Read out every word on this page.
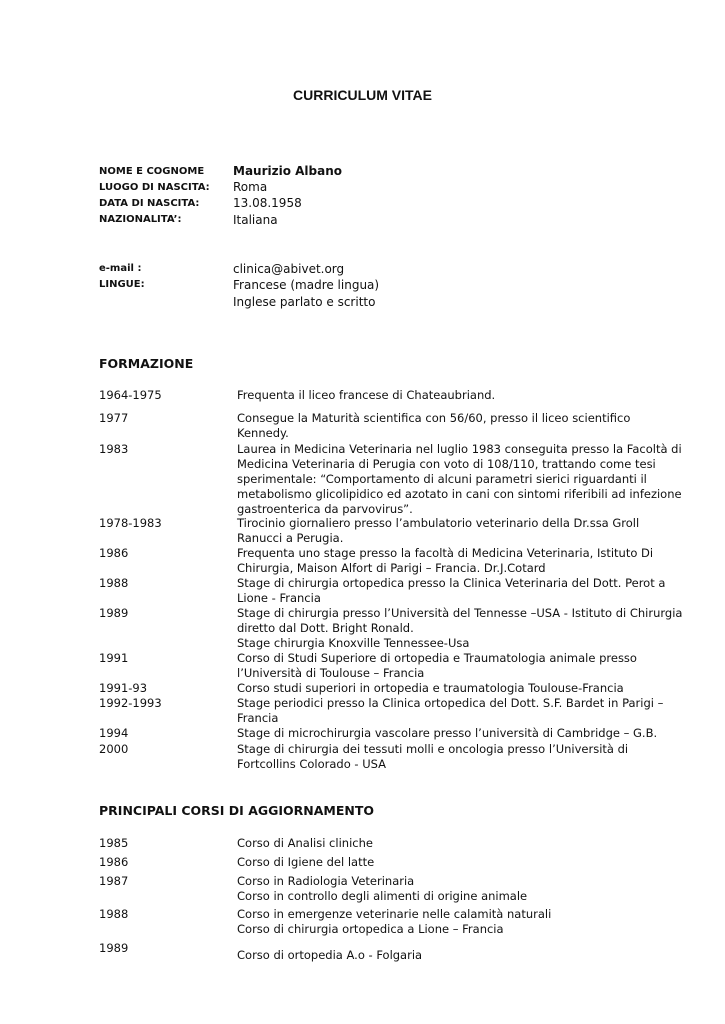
CURRICULUM VITAE
NOME E COGNOME Maurizio Albano
LUOGO DI NASCITA: Roma
DATA DI NASCITA:	13.08.1958
NAZIONALITA’:	Italiana
e-mail :	clinica@abivet.org
LINGUE:	Francese (madre lingua)
Inglese parlato e scritto
FORMAZIONE
1964-1975	Frequenta il liceo francese di Chateaubriand.
1977	Consegue la Maturità scientifica con 56/60, presso il liceo scientifico Kennedy.
1983	Laurea in Medicina Veterinaria nel luglio 1983 conseguita presso la Facoltà di Medicina Veterinaria di Perugia con voto di 108/110, trattando come tesi sperimentale: “Comportamento di alcuni parametri sierici riguardanti il metabolismo glicolipidico ed azotato in cani con sintomi riferibili ad infezione gastroenterica da parvovirus”.
1978-1983	Tirocinio giornaliero presso l’ambulatorio veterinario della Dr.ssa Groll Ranucci a Perugia.
1986	Frequenta uno stage presso la facoltà di Medicina Veterinaria, Istituto Di Chirurgia, Maison Alfort di Parigi – Francia. Dr.J.Cotard
1988	Stage di chirurgia ortopedica presso la Clinica Veterinaria del Dott. Perot a Lione - Francia
1989	Stage di chirurgia presso l’Università del Tennesse –USA - Istituto di Chirurgia diretto dal Dott. Bright Ronald.
Stage chirurgia Knoxville Tennessee-Usa
1991	Corso di Studi Superiore di ortopedia e Traumatologia animale presso l’Università di Toulouse – Francia
1991-93	Corso studi superiori in ortopedia e traumatologia Toulouse-Francia
1992-1993	Stage periodici presso la Clinica ortopedica del Dott. S.F. Bardet in Parigi – Francia
1994	Stage di microchirurgia vascolare presso l’università di Cambridge – G.B.
2000	Stage di chirurgia dei tessuti molli e oncologia presso l’Università di Fortcollins Colorado - USA
PRINCIPALI CORSI DI AGGIORNAMENTO
1985	Corso di Analisi cliniche
1986	Corso di Igiene del latte
1987	Corso in Radiologia Veterinaria
Corso in controllo degli alimenti di origine animale
1988	Corso in emergenze veterinarie nelle calamità naturali
Corso di chirurgia ortopedica a Lione – Francia
1989	Corso di ortopedia A.o - Folgaria
